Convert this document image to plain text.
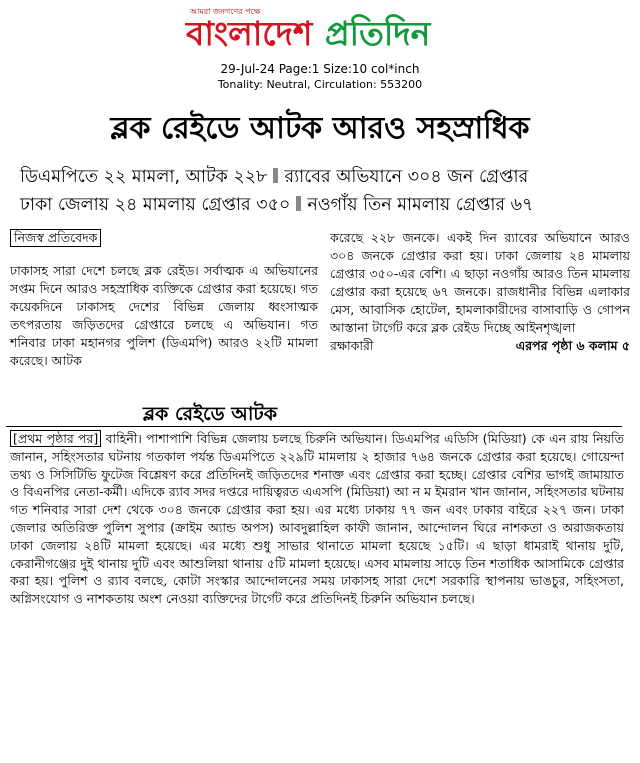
আমরা জনগণের পক্ষে
বাংলাদেশ প্রতিদিন
29-Jul-24 Page:1 Size:10 col*inch
Tonality: Neutral, Circulation: 553200
ব্লক রেইডে আটক আরও সহস্রাধিক
ডিএমপিতে ২২ মামলা, আটক ২২৮ র‌্যাবের অভিযানে ৩০৪ জন গ্রেপ্তার
ঢাকা জেলায় ২৪ মামলায় গ্রেপ্তার ৩৫০ নওগাঁয় তিন মামলায় গ্রেপ্তার ৬৭
নিজস্ব প্রতিবেদক
ঢাকাসহ সারা দেশে চলছে ব্লক রেইড। সর্বাত্মক এ অভিযানের সপ্তম দিনে আরও সহস্রাধিক ব্যক্তিকে গ্রেপ্তার করা হয়েছে। গত কয়েকদিনে ঢাকাসহ দেশের বিভিন্ন জেলায় ধ্বংসাত্মক তৎপরতায় জড়িতদের গ্রেপ্তারে চলছে এ অভিযান। গত শনিবার ঢাকা মহানগর পুলিশ (ডিএমপি) আরও ২২টি মামলা করেছে। আটক
করেছে ২২৮ জনকে। একই দিন র‌্যাবের অভিযানে আরও ৩০৪ জনকে গ্রেপ্তার করা হয়। ঢাকা জেলায় ২৪ মামলায় গ্রেপ্তার ৩৫০-এর বেশি। এ ছাড়া নওগাঁয় আরও তিন মামলায় গ্রেপ্তার করা হয়েছে ৬৭ জনকে। রাজধানীর বিভিন্ন এলাকার মেস, আবাসিক হোটেল, হামলাকারীদের বাসাবাড়ি ও গোপন আস্তানা টার্গেট করে ব্লক রেইড দিচ্ছে আইনশৃঙ্খলা
রক্ষাকারী	এরপর পৃষ্ঠা ৬ কলাম ৫
ব্লক রেইডে আটক
[প্রথম পৃষ্ঠার পর] বাহিনী। পাশাপাশি বিভিন্ন জেলায় চলছে চিরুনি অভিযান। ডিএমপির এডিসি (মিডিয়া) কে এন রায় নিয়তি জানান, সহিংসতার ঘটনায় গতকাল পর্যন্ত ডিএমপিতে ২২৯টি মামলায় ২ হাজার ৭৬৪ জনকে গ্রেপ্তার করা হয়েছে। গোয়েন্দা তথ্য ও সিসিটিভি ফুটেজ বিশ্লেষণ করে প্রতিদিনই জড়িতদের শনাক্ত এবং গ্রেপ্তার করা হচ্ছে। গ্রেপ্তার বেশির ভাগই জামায়াত ও বিএনপির নেতা-কর্মী। এদিকে র‌্যাব সদর দপ্তরে দায়িত্বরত এএসপি (মিডিয়া) আ ন ম ইমরান খান জানান, সহিংসতার ঘটনায় গত শনিবার সারা দেশ থেকে ৩০৪ জনকে গ্রেপ্তার করা হয়। এর মধ্যে ঢাকায় ৭৭ জন এবং ঢাকার বাইরে ২২৭ জন। ঢাকা জেলার অতিরিক্ত পুলিশ সুপার (ক্রাইম অ্যান্ড অপস) আবদুল্লাহিল কাফী জানান, আন্দোলন ঘিরে নাশকতা ও অরাজকতায় ঢাকা জেলায় ২৪টি মামলা হয়েছে। এর মধ্যে শুধু সাভার থানাতে মামলা হয়েছে ১৫টি। এ ছাড়া ধামরাই থানায় দুটি, কেরানীগঞ্জের দুই থানায় দুটি এবং আশুলিয়া থানায় ৫টি মামলা হয়েছে। এসব মামলায় সাড়ে তিন শতাধিক আসামিকে গ্রেপ্তার করা হয়। পুলিশ ও র‌্যাব বলছে, কোটা সংস্কার আন্দোলনের সময় ঢাকাসহ সারা দেশে সরকারি স্থাপনায় ভাঙচুর, সহিংসতা, অগ্নিসংযোগ ও নাশকতায় অংশ নেওয়া ব্যক্তিদের টার্গেট করে প্রতিদিনই চিরুনি অভিযান চলছে।
